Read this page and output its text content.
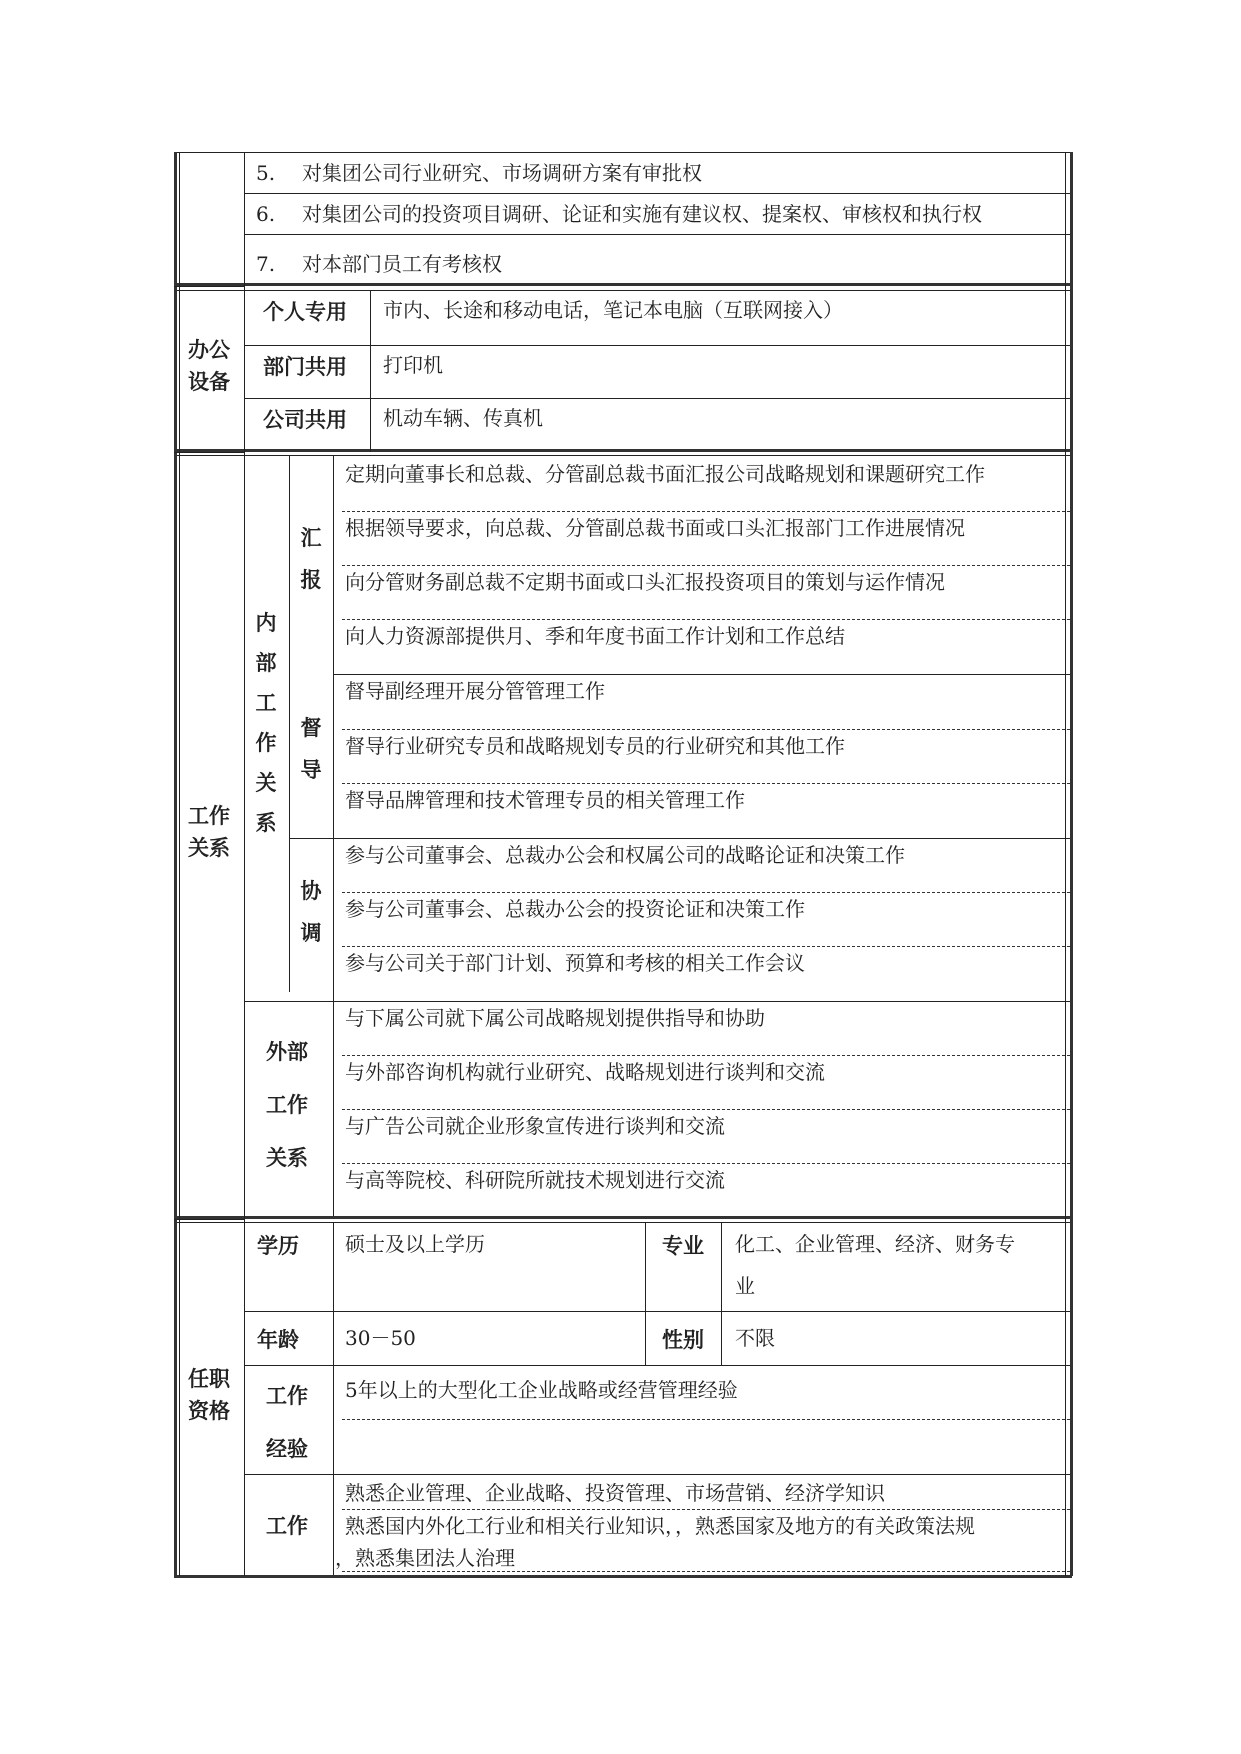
5. 对集团公司行业研究、市场调研方案有审批权
6. 对集团公司的投资项目调研、论证和实施有建议权、提案权、审核权和执行权
7. 对本部门员工有考核权
办公
设备
个人专用 市内、长途和移动电话，笔记本电脑（互联网接入）
部门共用 打印机
公司共用 机动车辆、传真机
工作
关系
内
部
工
作
关
系
汇
报
定期向董事长和总裁、分管副总裁书面汇报公司战略规划和课题研究工作
根据领导要求，向总裁、分管副总裁书面或口头汇报部门工作进展情况
向分管财务副总裁不定期书面或口头汇报投资项目的策划与运作情况
向人力资源部提供月、季和年度书面工作计划和工作总结
督
导
督导副经理开展分管管理工作
督导行业研究专员和战略规划专员的行业研究和其他工作
督导品牌管理和技术管理专员的相关管理工作
协
调
参与公司董事会、总裁办公会和权属公司的战略论证和决策工作
参与公司董事会、总裁办公会的投资论证和决策工作
参与公司关于部门计划、预算和考核的相关工作会议
外部
工作
关系
与下属公司就下属公司战略规划提供指导和协助
与外部咨询机构就行业研究、战略规划进行谈判和交流
与广告公司就企业形象宣传进行谈判和交流
与高等院校、科研院所就技术规划进行交流
任职
资格
学历 硕士及以上学历	专业 化工、企业管理、经济、财务专
业
年龄 30－50	性别 不限
工作
经验
5年以上的大型化工企业战略或经营管理经验
工作
熟悉企业管理、企业战略、投资管理、市场营销、经济学知识
熟悉国内外化工行业和相关行业知识，，熟悉国家及地方的有关政策法规
，熟悉集团法人治理
